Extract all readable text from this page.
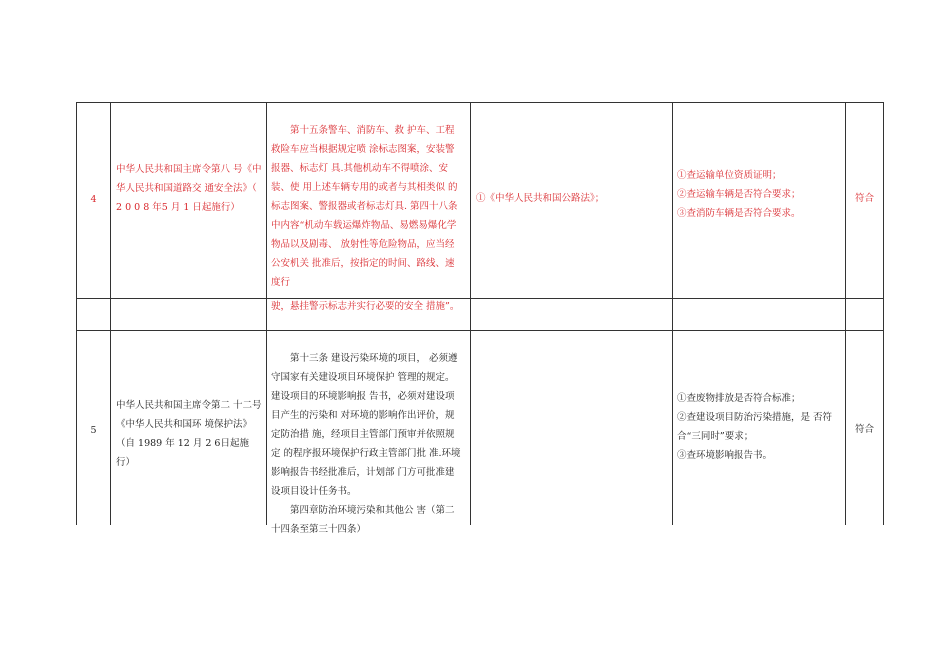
4
中华人民共和国主席令第八 号《中华人民共和国道路交 通安全法》（ 2 0 0 8 年5 月 1 日起施行）

第十五条警车、消防车、救 护车、工程救险车应当根据规定喷 涂标志图案，安装警报器、标志灯 具.其他机动车不得喷涂、安装、使 用上述车辆专用的或者与其相类似 的标志图案、警报器或者标志灯具. 第四十八条中内容“机动车载运爆炸物品、易燃易爆化学物品以及剧毒、 放射性等危险物品，应当经公安机关 批准后，按指定的时间、路线、速度行

①《中华人民共和国公路法》；

①查运输单位资质证明；

②查运输车辆是否符合要求；

③查消防车辆是否符合要求。

符合
驶，悬挂警示标志并实行必要的安全 措施”。
5
中华人民共和国主席令第二 十二号《中华人民共和国环 境保护法》（自 1989 年 12 月 2 6日起施行）

第十三条 建设污染环境的项目， 必须遵守国家有关建设项目环境保护 管理的规定。建设项目的环境影响报 告书，必须对建设项目产生的污染和 对环境的影响作出评价，规定防治措 施，经项目主管部门预审并依照规定 的程序报环境保护行政主管部门批 准.环境影响报告书经批准后，计划部 门方可批准建设项目设计任务书。

第四章防治环境污染和其他公 害（第二十四条至第三十四条）

①查废物排放是否符合标准；

②查建设项目防治污染措施，是 否符合“三同时”要求；

③查环境影响报告书。

符合
